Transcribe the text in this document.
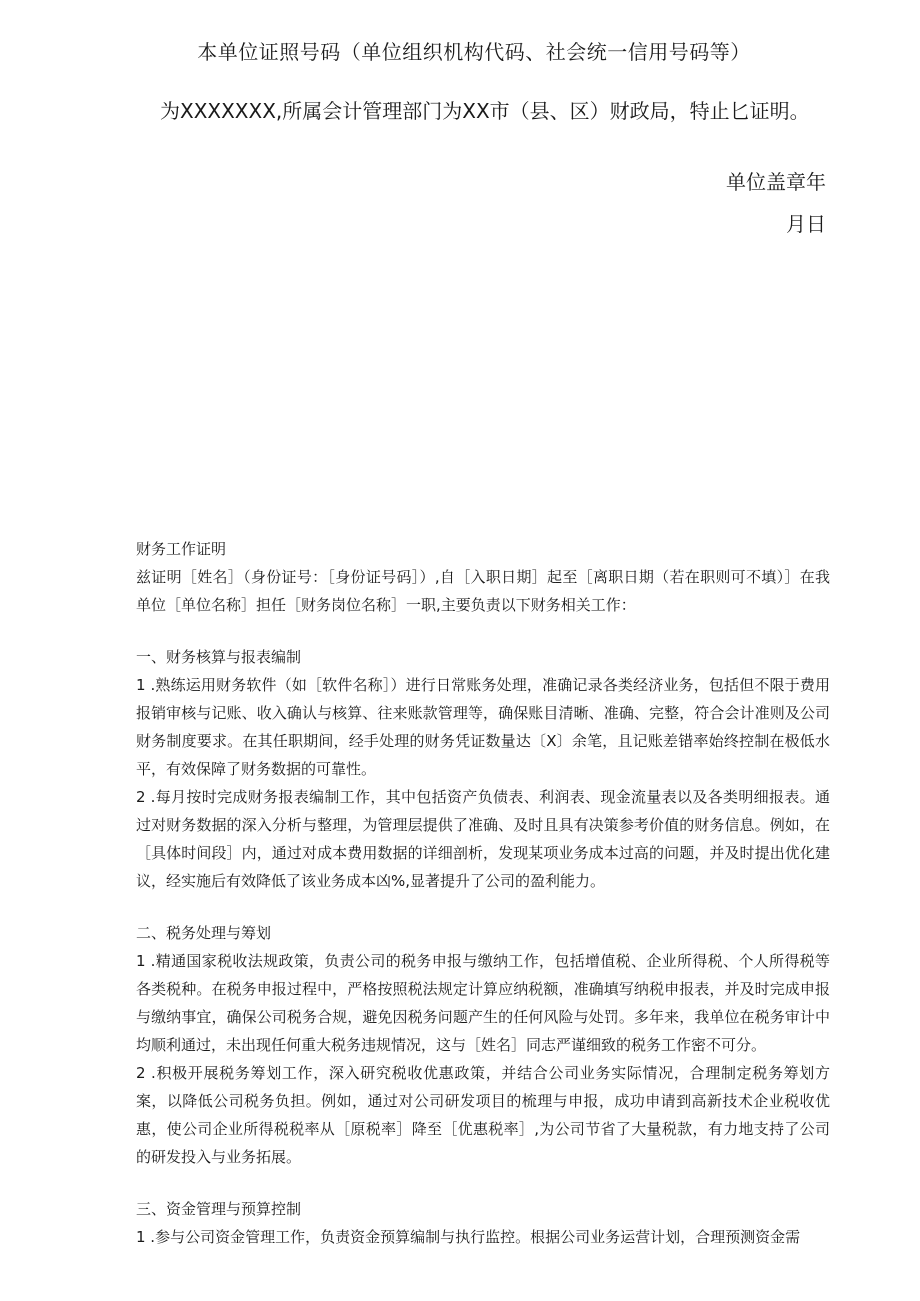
本单位证照号码（单位组织机构代码、社会统一信用号码等）
为XXXXXXX,所属会计管理部门为XX市（县、区）财政局，特止匕证明。
单位盖章年
月日

财务工作证明

兹证明［姓名］（身份证号：［身份证号码］）,自［入职日期］起至［离职日期（若在职则可不填）］在我单位［单位名称］担任［财务岗位名称］一职,主要负责以下财务相关工作：

一、财务核算与报表编制

1 .熟练运用财务软件（如［软件名称］）进行日常账务处理，准确记录各类经济业务，包括但不限于费用报销审核与记账、收入确认与核算、往来账款管理等，确保账目清晰、准确、完整，符合会计准则及公司财务制度要求。在其任职期间，经手处理的财务凭证数量达〔X〕余笔，且记账差错率始终控制在极低水平，有效保障了财务数据的可靠性。

2 .每月按时完成财务报表编制工作，其中包括资产负债表、利润表、现金流量表以及各类明细报表。通过对财务数据的深入分析与整理，为管理层提供了准确、及时且具有决策参考价值的财务信息。例如，在［具体时间段］内，通过对成本费用数据的详细剖析，发现某项业务成本过高的问题，并及时提出优化建议，经实施后有效降低了该业务成本凶%,显著提升了公司的盈利能力。

二、税务处理与筹划

1 .精通国家税收法规政策，负责公司的税务申报与缴纳工作，包括增值税、企业所得税、个人所得税等各类税种。在税务申报过程中，严格按照税法规定计算应纳税额，准确填写纳税申报表，并及时完成申报与缴纳事宜，确保公司税务合规，避免因税务问题产生的任何风险与处罚。多年来，我单位在税务审计中均顺利通过，未出现任何重大税务违规情况，这与［姓名］同志严谨细致的税务工作密不可分。

2 .积极开展税务筹划工作，深入研究税收优惠政策，并结合公司业务实际情况，合理制定税务筹划方案，以降低公司税务负担。例如，通过对公司研发项目的梳理与申报，成功申请到高新技术企业税收优惠，使公司企业所得税税率从［原税率］降至［优惠税率］,为公司节省了大量税款，有力地支持了公司的研发投入与业务拓展。

三、资金管理与预算控制

1 .参与公司资金管理工作，负责资金预算编制与执行监控。根据公司业务运营计划，合理预测资金需
